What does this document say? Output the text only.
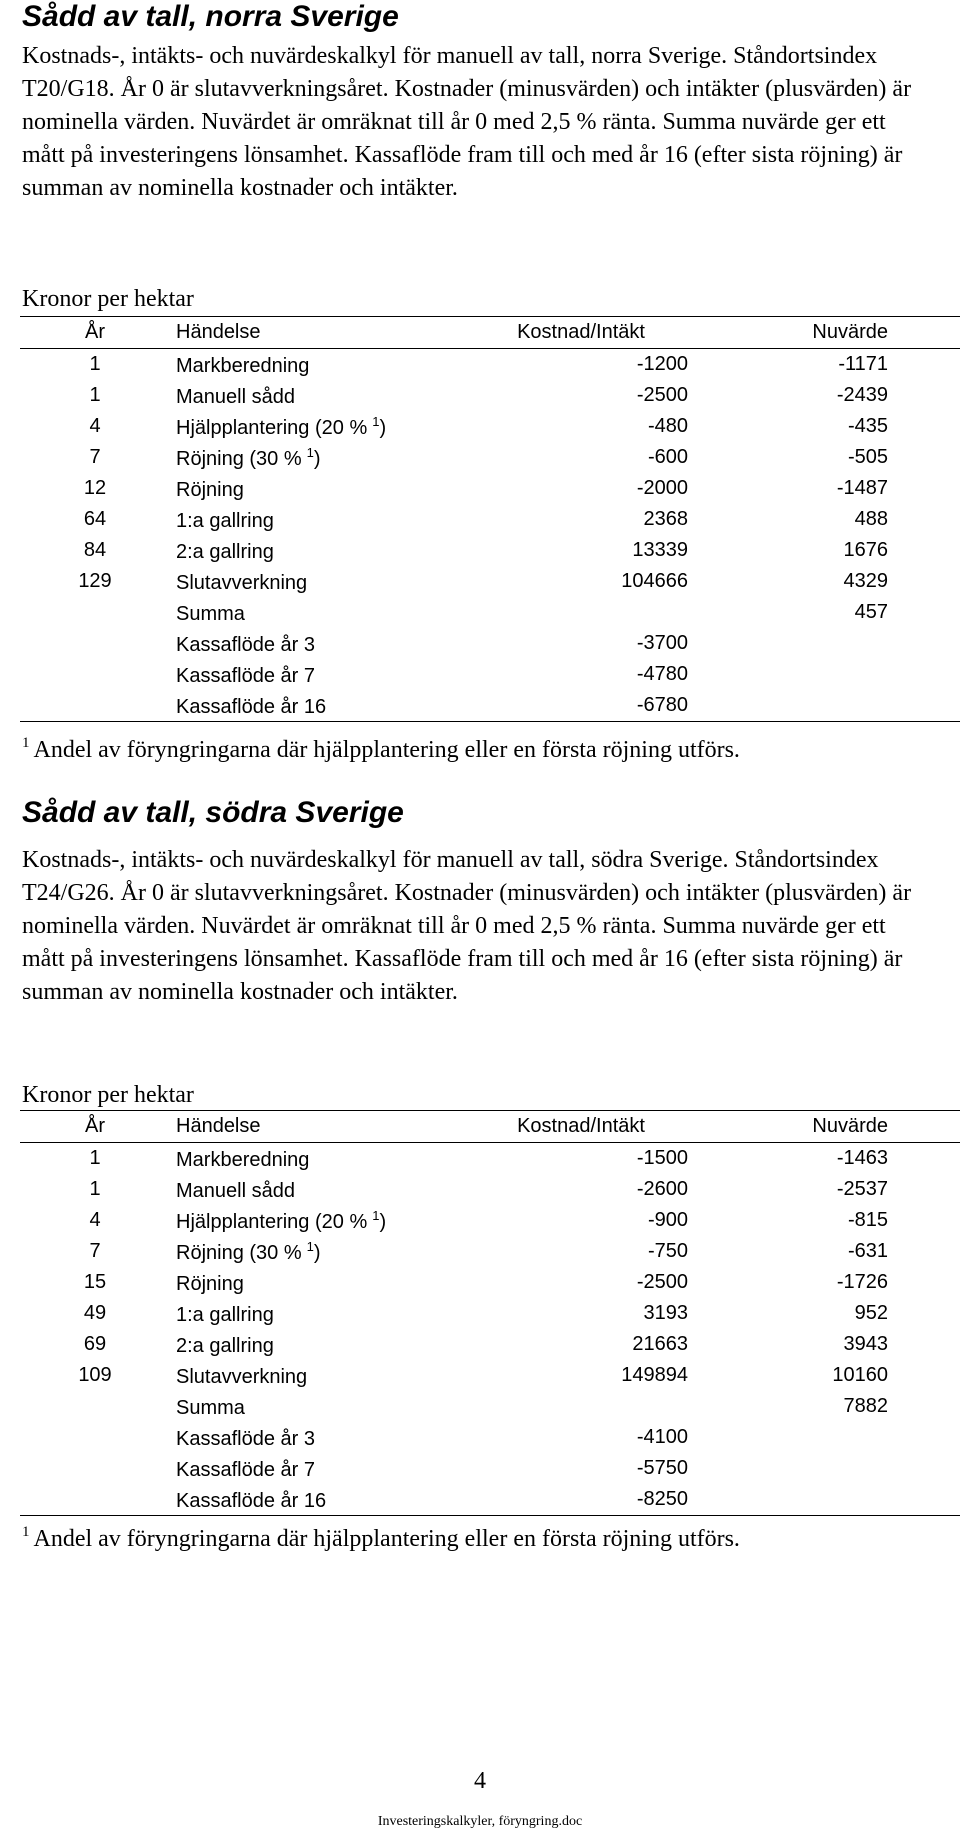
Sådd av tall, norra Sverige

Kostnads-, intäkts- och nuvärdeskalkyl för manuell av tall, norra Sverige. Ståndortsindex T20/G18. År 0 är slutavverkningsåret. Kostnader (minusvärden) och intäkter (plusvärden) är nominella värden. Nuvärdet är omräknat till år 0 med 2,5 % ränta. Summa nuvärde ger ett mått på investeringens lönsamhet. Kassaflöde fram till och med år 16 (efter sista röjning) är summan av nominella kostnader och intäkter.

Kronor per hektar
År	Händelse	Kostnad/Intäkt	Nuvärde	
1	Markberedning	-1200	-1171	
1	Manuell sådd	-2500	-2439	
4	Hjälpplantering (20 % $^1$)	-480	-435	
7	Röjning (30 % $^1$)	-600	-505	
12	Röjning	-2000	-1487	
64	1:a gallring	2368	488	
84	2:a gallring	13339	1676	
129	Slutavverkning	104666	4329	
	Summa		457	
	Kassaflöde år 3	-3700		
	Kassaflöde år 7	-4780		
	Kassaflöde år 16	-6780		
$^1$ Andel av föryngringarna där hjälpplantering eller en första röjning utförs.
Sådd av tall, södra Sverige

Kostnads-, intäkts- och nuvärdeskalkyl för manuell av tall, södra Sverige. Ståndortsindex T24/G26. År 0 är slutavverkningsåret. Kostnader (minusvärden) och intäkter (plusvärden) är nominella värden. Nuvärdet är omräknat till år 0 med 2,5 % ränta. Summa nuvärde ger ett mått på investeringens lönsamhet. Kassaflöde fram till och med år 16 (efter sista röjning) är summan av nominella kostnader och intäkter.

Kronor per hektar
År	Händelse	Kostnad/Intäkt	Nuvärde	
1	Markberedning	-1500	-1463	
1	Manuell sådd	-2600	-2537	
4	Hjälpplantering (20 % $^1$)	-900	-815	
7	Röjning (30 % $^1$)	-750	-631	
15	Röjning	-2500	-1726	
49	1:a gallring	3193	952	
69	2:a gallring	21663	3943	
109	Slutavverkning	149894	10160	
	Summa		7882	
	Kassaflöde år 3	-4100		
	Kassaflöde år 7	-5750		
	Kassaflöde år 16	-8250		
$^1$ Andel av föryngringarna där hjälpplantering eller en första röjning utförs.
4
Investeringskalkyler, föryngring.doc
